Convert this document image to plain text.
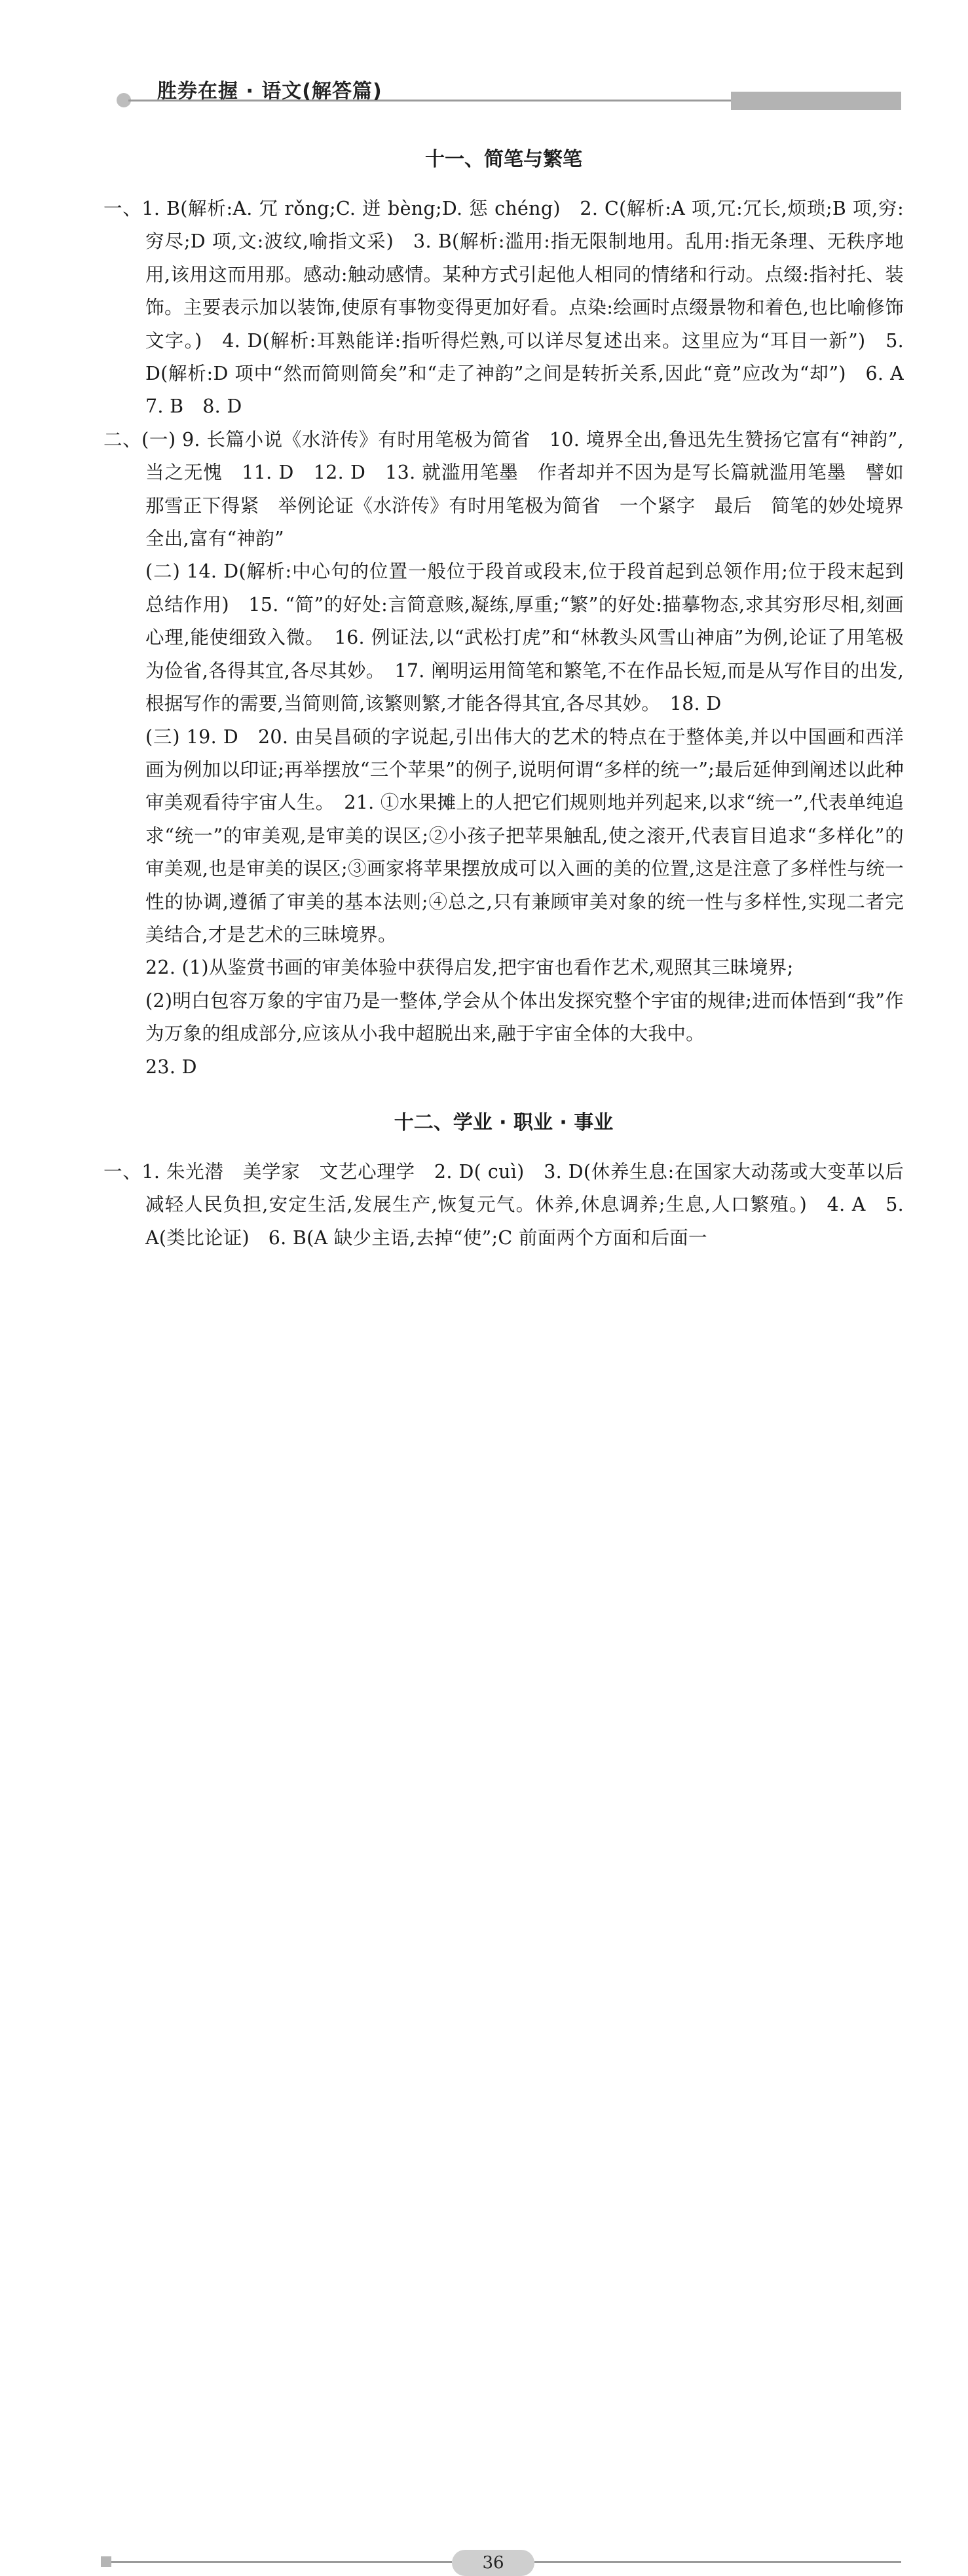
胜券在握 · 语文(解答篇)
十一、简笔与繁笔

一、1. B(解析:A. 冗 rǒng;C. 迸 bèng;D. 惩 chéng)　2. C(解析:A 项,冗:冗长,烦琐;B 项,穷:穷尽;D 项,文:波纹,喻指文采)　3. B(解析:滥用:指无限制地用。乱用:指无条理、无秩序地用,该用这而用那。感动:触动感情。某种方式引起他人相同的情绪和行动。点缀:指衬托、装饰。主要表示加以装饰,使原有事物变得更加好看。点染:绘画时点缀景物和着色,也比喻修饰文字。)　4. D(解析:耳熟能详:指听得烂熟,可以详尽复述出来。这里应为“耳目一新”)　5. D(解析:D 项中“然而简则简矣”和“走了神韵”之间是转折关系,因此“竟”应改为“却”)　6. A　7. B　8. D

二、(一) 9. 长篇小说《水浒传》有时用笔极为简省　10. 境界全出,鲁迅先生赞扬它富有“神韵”,当之无愧　11. D　12. D　13. 就滥用笔墨　作者却并不因为是写长篇就滥用笔墨　譬如　那雪正下得紧　举例论证《水浒传》有时用笔极为简省　一个紧字　最后　简笔的妙处境界全出,富有“神韵”

(二) 14. D(解析:中心句的位置一般位于段首或段末,位于段首起到总领作用;位于段末起到总结作用)　15. “简”的好处:言简意赅,凝练,厚重;“繁”的好处:描摹物态,求其穷形尽相,刻画心理,能使细致入微。　16. 例证法,以“武松打虎”和“林教头风雪山神庙”为例,论证了用笔极为俭省,各得其宜,各尽其妙。　17. 阐明运用简笔和繁笔,不在作品长短,而是从写作目的出发,根据写作的需要,当简则简,该繁则繁,才能各得其宜,各尽其妙。　18. D

(三) 19. D　20. 由吴昌硕的字说起,引出伟大的艺术的特点在于整体美,并以中国画和西洋画为例加以印证;再举摆放“三个苹果”的例子,说明何谓“多样的统一”;最后延伸到阐述以此种审美观看待宇宙人生。　21. ①水果摊上的人把它们规则地并列起来,以求“统一”,代表单纯追求“统一”的审美观,是审美的误区;②小孩子把苹果触乱,使之滚开,代表盲目追求“多样化”的审美观,也是审美的误区;③画家将苹果摆放成可以入画的美的位置,这是注意了多样性与统一性的协调,遵循了审美的基本法则;④总之,只有兼顾审美对象的统一性与多样性,实现二者完美结合,才是艺术的三昧境界。

22. (1)从鉴赏书画的审美体验中获得启发,把宇宙也看作艺术,观照其三昧境界;

(2)明白包容万象的宇宙乃是一整体,学会从个体出发探究整个宇宙的规律;进而体悟到“我”作为万象的组成部分,应该从小我中超脱出来,融于宇宙全体的大我中。

23. D

十二、学业 · 职业 · 事业

一、1. 朱光潜　美学家　文艺心理学　2. D( cuì)　3. D(休养生息:在国家大动荡或大变革以后减轻人民负担,安定生活,发展生产,恢复元气。休养,休息调养;生息,人口繁殖。)　4. A　5. A(类比论证)　6. B(A 缺少主语,去掉“使”;C 前面两个方面和后面一

36
